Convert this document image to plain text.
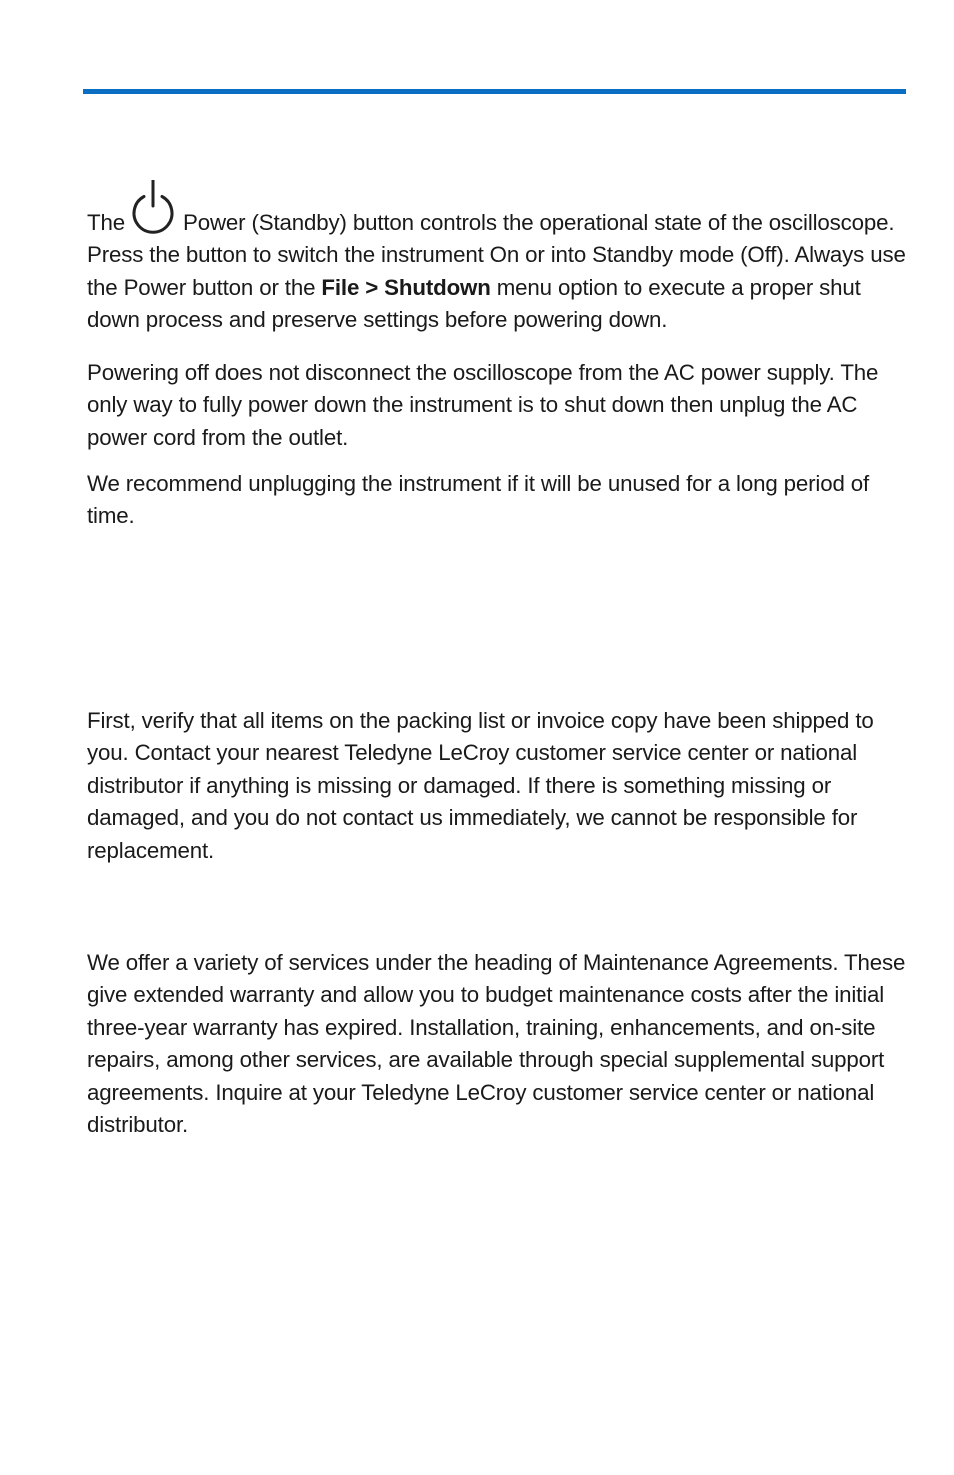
The	Power (Standby) button controls the operational state of the oscilloscope. Press the button to switch the instrument On or into Standby mode (Off). Always use the Power button or the File > Shutdown menu option to execute a proper shut down process and preserve settings before powering down.

Powering off does not disconnect the oscilloscope from the AC power supply. The only way to fully power down the instrument is to shut down then unplug the AC power cord from the outlet.

We recommend unplugging the instrument if it will be unused for a long period of time.

First, verify that all items on the packing list or invoice copy have been shipped to you. Contact your nearest Teledyne LeCroy customer service center or national distributor if anything is missing or damaged. If there is something missing or damaged, and you do not contact us immediately, we cannot be responsible for replacement.

We offer a variety of services under the heading of Maintenance Agreements. These give extended warranty and allow you to budget maintenance costs after the initial three-year warranty has expired. Installation, training, enhancements, and on-site repairs, among other services, are available through special supplemental support agreements. Inquire at your Teledyne LeCroy customer service center or national distributor.
